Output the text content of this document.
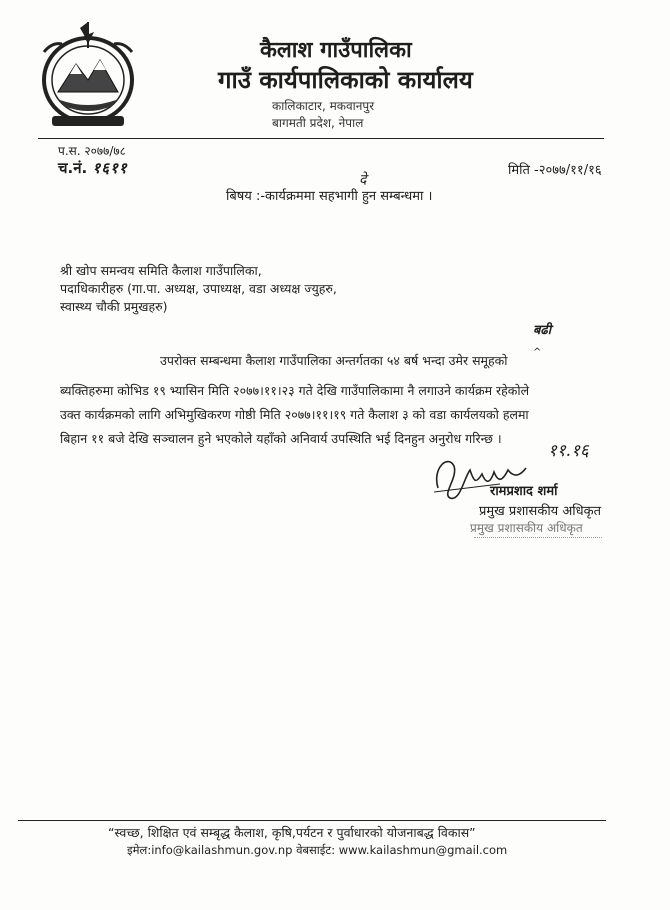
कैलाश गाउँपालिका
गाउँ कार्यपालिकाको कार्यालय
कालिकाटार, मकवानपुर
बागमती प्रदेश, नेपाल
प.स. २०७७/७८
च.नं. १६११	मिति -२०७७/११/१६
दे
बिषय :-कार्यक्रममा सहभागी हुन सम्बन्धमा ।
श्री खोप समन्वय समिति कैलाश गाउँपालिका,
पदाधिकारीहरु (गा.पा. अध्यक्ष, उपाध्यक्ष, वडा अध्यक्ष ज्युहरु,
स्वास्थ्य चौकी प्रमुखहरु)
बढी
^
उपरोक्त सम्बन्धमा कैलाश गाउँपालिका अन्तर्गतका ५४ बर्ष भन्दा उमेर समूहको
ब्यक्तिहरुमा कोभिड १९ भ्यासिन मिति २०७७।११।२३ गते देखि गाउँपालिकामा नै लगाउने कार्यक्रम रहेकोले
उक्त कार्यक्रमको लागि अभिमुखिकरण गोष्ठी मिति २०७७।११।१९ गते कैलाश ३ को वडा कार्यलयको हलमा
बिहान ११ बजे देखि सञ्चालन हुने भएकोले यहाँको अनिवार्य उपस्थिति भई दिनहुन अनुरोध गरिन्छ ।
११.१६
रामप्रशाद शर्मा
प्रमुख प्रशासकीय अधिकृत
प्रमुख प्रशासकीय अधिकृत
“स्वच्छ, शिक्षित एवं सम्बृद्ध कैलाश, कृषि,पर्यटन र पुर्वाधारको योजनाबद्ध विकास”
इमेल:info@kailashmun.gov.np वेबसाईट: www.kailashmun@gmail.com
